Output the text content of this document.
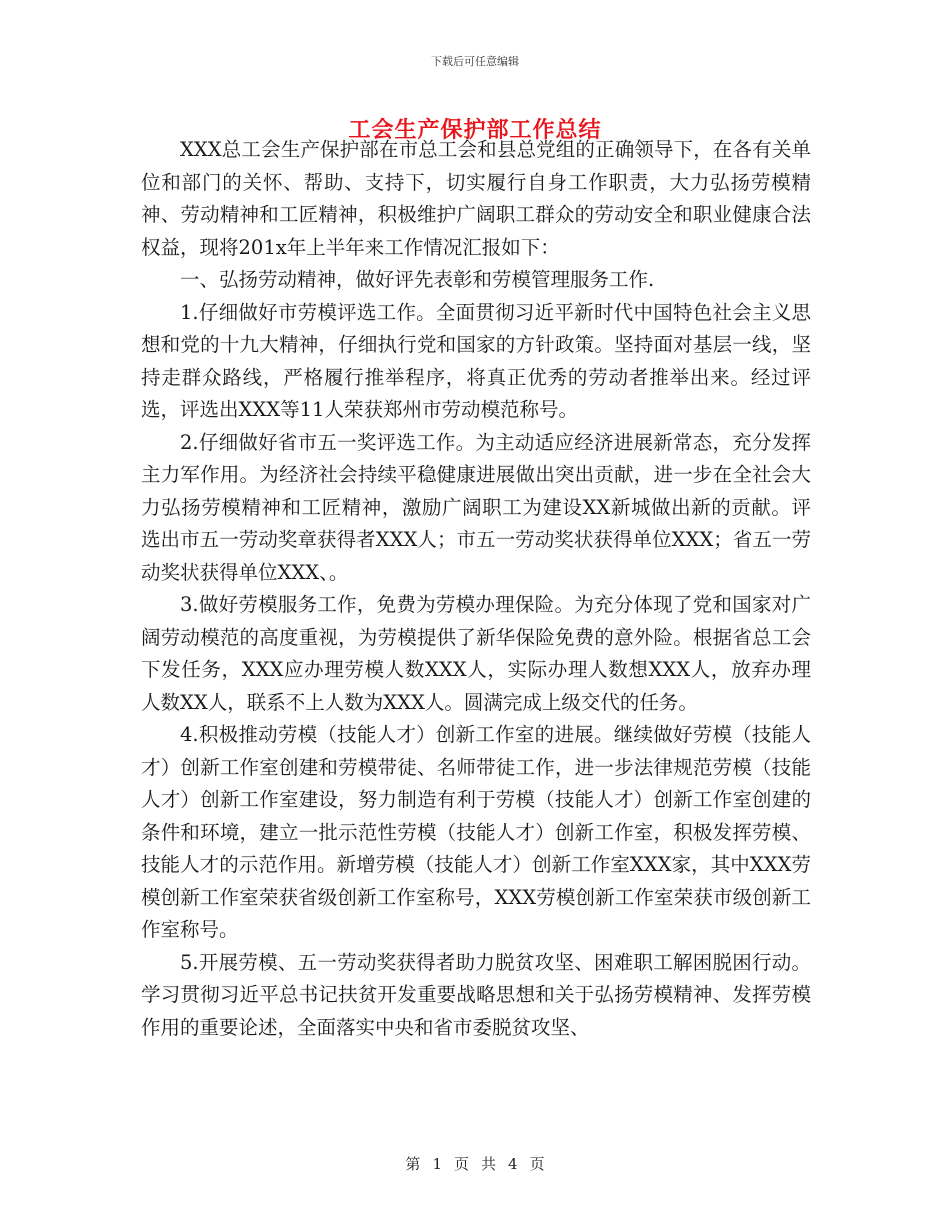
下载后可任意编辑
工会生产保护部工作总结

XXX总工会生产保护部在市总工会和县总党组的正确领导下，在各有关单位和部门的关怀、帮助、支持下，切实履行自身工作职责，大力弘扬劳模精神、劳动精神和工匠精神，积极维护广阔职工群众的劳动安全和职业健康合法权益，现将201x年上半年来工作情况汇报如下：

一、弘扬劳动精神，做好评先表彰和劳模管理服务工作.

1.仔细做好市劳模评选工作。全面贯彻习近平新时代中国特色社会主义思想和党的十九大精神，仔细执行党和国家的方针政策。坚持面对基层一线，坚持走群众路线，严格履行推举程序，将真正优秀的劳动者推举出来。经过评选，评选出XXX等11人荣获郑州市劳动模范称号。

2.仔细做好省市五一奖评选工作。为主动适应经济进展新常态，充分发挥主力军作用。为经济社会持续平稳健康进展做出突出贡献，进一步在全社会大力弘扬劳模精神和工匠精神，激励广阔职工为建设XX新城做出新的贡献。评选出市五一劳动奖章获得者XXX人；市五一劳动奖状获得单位XXX；省五一劳动奖状获得单位XXX、。

3.做好劳模服务工作，免费为劳模办理保险。为充分体现了党和国家对广阔劳动模范的高度重视，为劳模提供了新华保险免费的意外险。根据省总工会下发任务，XXX应办理劳模人数XXX人，实际办理人数想XXX人，放弃办理人数XX人，联系不上人数为XXX人。圆满完成上级交代的任务。

4.积极推动劳模（技能人才）创新工作室的进展。继续做好劳模（技能人才）创新工作室创建和劳模带徒、名师带徒工作，进一步法律规范劳模（技能人才）创新工作室建设，努力制造有利于劳模（技能人才）创新工作室创建的条件和环境，建立一批示范性劳模（技能人才）创新工作室，积极发挥劳模、技能人才的示范作用。新增劳模（技能人才）创新工作室XXX家，其中XXX劳模创新工作室荣获省级创新工作室称号，XXX劳模创新工作室荣获市级创新工作室称号。

5.开展劳模、五一劳动奖获得者助力脱贫攻坚、困难职工解困脱困行动。学习贯彻习近平总书记扶贫开发重要战略思想和关于弘扬劳模精神、发挥劳模作用的重要论述，全面落实中央和省市委脱贫攻坚、

第 1 页 共 4 页
